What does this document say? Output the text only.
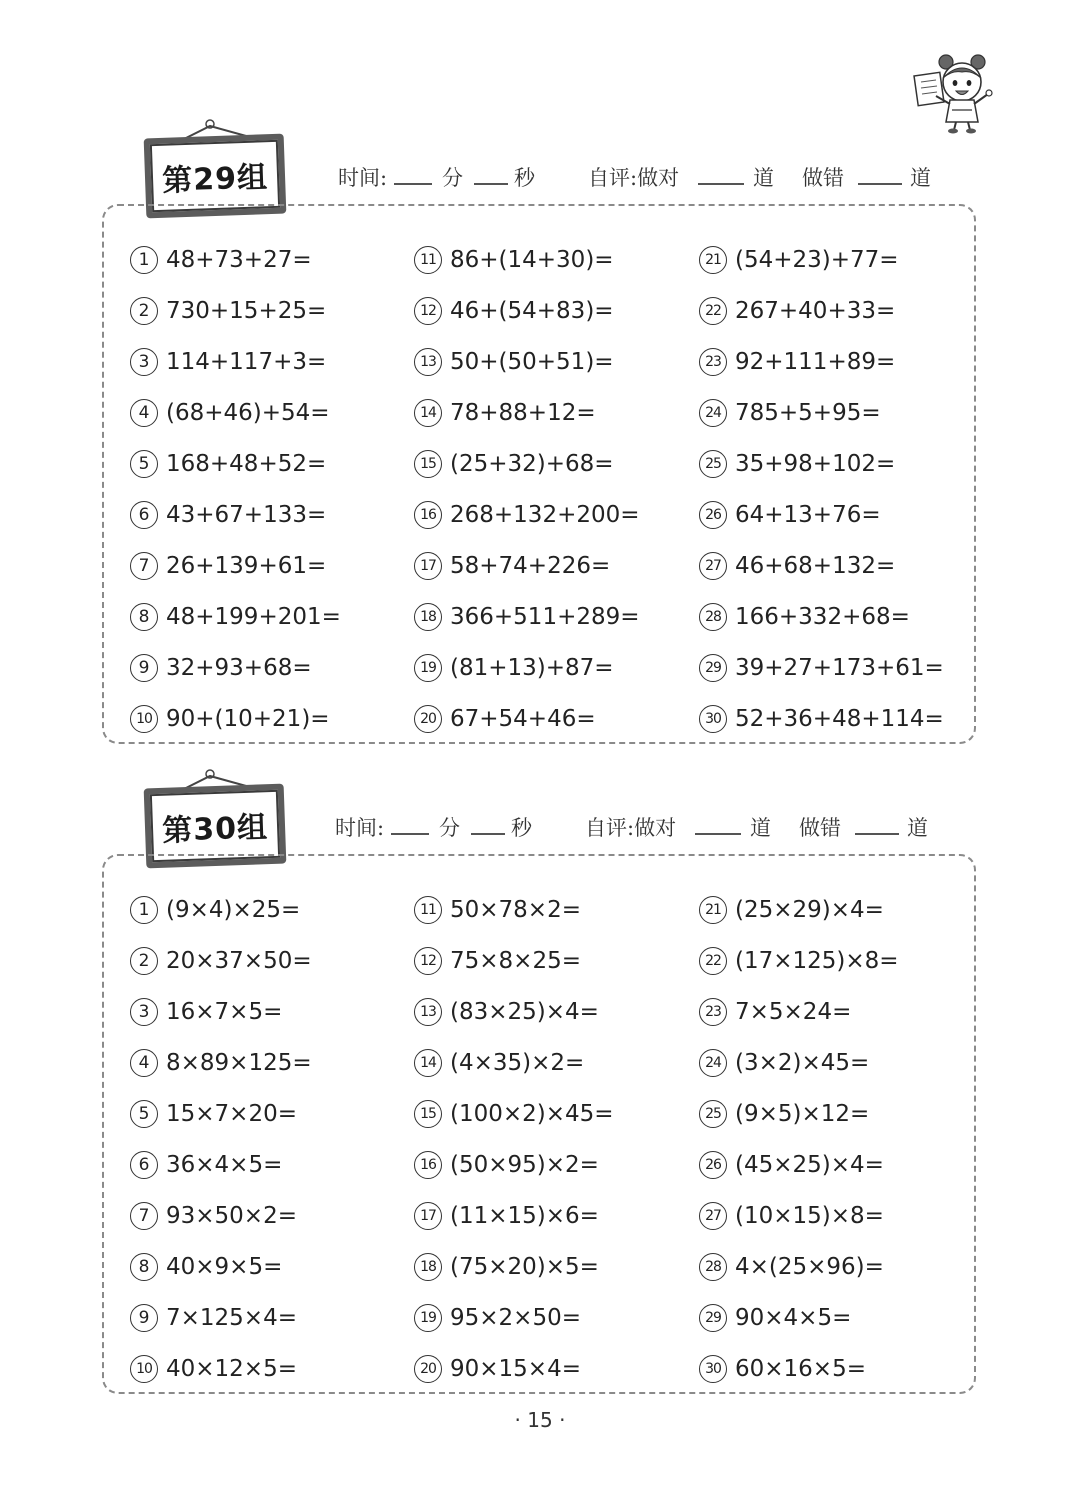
第29组	时间:	分 秒	自评:做对	道 做错	道
1 48+73+27=
2 730+15+25=
3 114+117+3=
4 (68+46)+54=
5 168+48+52=
6 43+67+133=
7 26+139+61=
8 48+199+201=
9 32+93+68=
10 90+(10+21)=
11 86+(14+30)=
12 46+(54+83)=
13 50+(50+51)=
14 78+88+12=
15 (25+32)+68=
16 268+132+200=
17 58+74+226=
18 366+511+289=
19 (81+13)+87=
20 67+54+46=
21 (54+23)+77=
22 267+40+33=
23 92+111+89=
24 785+5+95=
25 35+98+102=
26 64+13+76=
27 46+68+132=
28 166+332+68=
29 39+27+173+61=
30 52+36+48+114=
第30组	时间:	分 秒	自评:做对	道 做错	道
1 (9×4)×25=
2 20×37×50=
3 16×7×5=
4 8×89×125=
5 15×7×20=
6 36×4×5=
7 93×50×2=
8 40×9×5=
9 7×125×4=
10 40×12×5=
11 50×78×2=
12 75×8×25=
13 (83×25)×4=
14 (4×35)×2=
15 (100×2)×45=
16 (50×95)×2=
17 (11×15)×6=
18 (75×20)×5=
19 95×2×50=
20 90×15×4=
21 (25×29)×4=
22 (17×125)×8=
23 7×5×24=
24 (3×2)×45=
25 (9×5)×12=
26 (45×25)×4=
27 (10×15)×8=
28 4×(25×96)=
29 90×4×5=
30 60×16×5=
· 15 ·
